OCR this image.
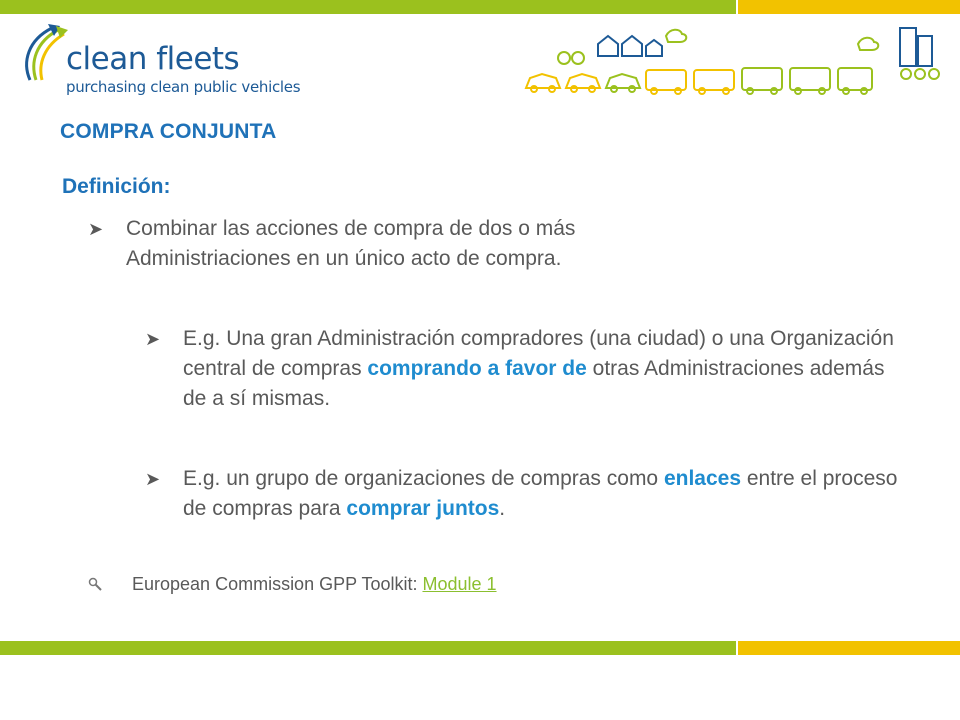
clean fleets
purchasing clean public vehicles
COMPRA CONJUNTA
Definición:
➤	Combinar las acciones de compra de dos o más Administriaciones en un único acto de compra.
➤	E.g. Una gran Administración compradores (una ciudad) o una Organización central de compras comprando a favor de otras Administraciones además de a sí mismas.
➤	E.g. un grupo de organizaciones de compras como enlaces entre el proceso de compras para comprar juntos.
European Commission GPP Toolkit: Module 1
